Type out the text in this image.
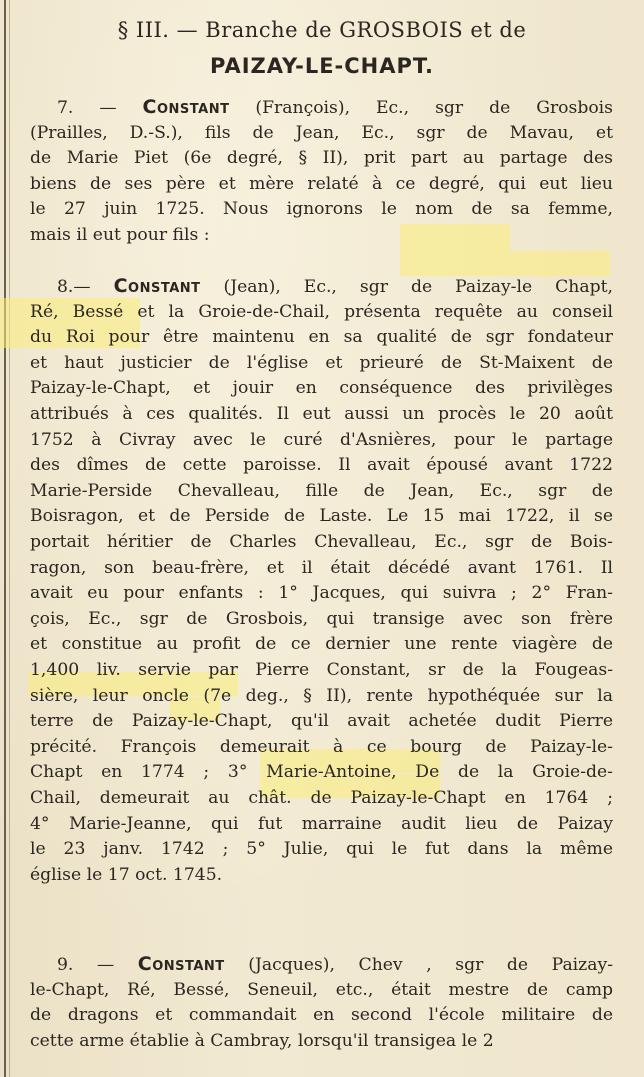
§ III. — Branche de GROSBOIS et de
PAIZAY-LE-CHAPT.
7. — Constant (François), Ec., sgr de Grosbois
(Prailles, D.-S.), fils de Jean, Ec., sgr de Mavau, et
de Marie Piet (6e degré, § II), prit part au partage des
biens de ses père et mère relaté à ce degré, qui eut lieu
le 27 juin 1725. Nous ignorons le nom de sa femme,
mais il eut pour fils :
8.— Constant (Jean), Ec., sgr de Paizay-le Chapt,
Ré, Bessé et la Groie-de-Chail, présenta requête au conseil
du Roi pour être maintenu en sa qualité de sgr fondateur
et haut justicier de l'église et prieuré de St-Maixent de
Paizay-le-Chapt, et jouir en conséquence des privilèges
attribués à ces qualités. Il eut aussi un procès le 20 août
1752 à Civray avec le curé d'Asnières, pour le partage
des dîmes de cette paroisse. Il avait épousé avant 1722
Marie-Perside Chevalleau, fille de Jean, Ec., sgr de
Boisragon, et de Perside de Laste. Le 15 mai 1722, il se
portait héritier de Charles Chevalleau, Ec., sgr de Bois-
ragon, son beau-frère, et il était décédé avant 1761. Il
avait eu pour enfants : 1° Jacques, qui suivra ; 2° Fran-
çois, Ec., sgr de Grosbois, qui transige avec son frère
et constitue au profit de ce dernier une rente viagère de
1,400 liv. servie par Pierre Constant, sr de la Fougeas-
sière, leur oncle (7e deg., § II), rente hypothéquée sur la
terre de Paizay-le-Chapt, qu'il avait achetée dudit Pierre
précité. François demeurait à ce bourg de Paizay-le-
Chapt en 1774 ; 3° Marie-Antoine, De de la Groie-de-
Chail, demeurait au chât. de Paizay-le-Chapt en 1764 ;
4° Marie-Jeanne, qui fut marraine audit lieu de Paizay
le 23 janv. 1742 ; 5° Julie, qui le fut dans la même
église le 17 oct. 1745.
9. — Constant (Jacques), Chev , sgr de Paizay-
le-Chapt, Ré, Bessé, Seneuil, etc., était mestre de camp
de dragons et commandait en second l'école militaire de
cette arme établie à Cambray, lorsqu'il transigea le 2
